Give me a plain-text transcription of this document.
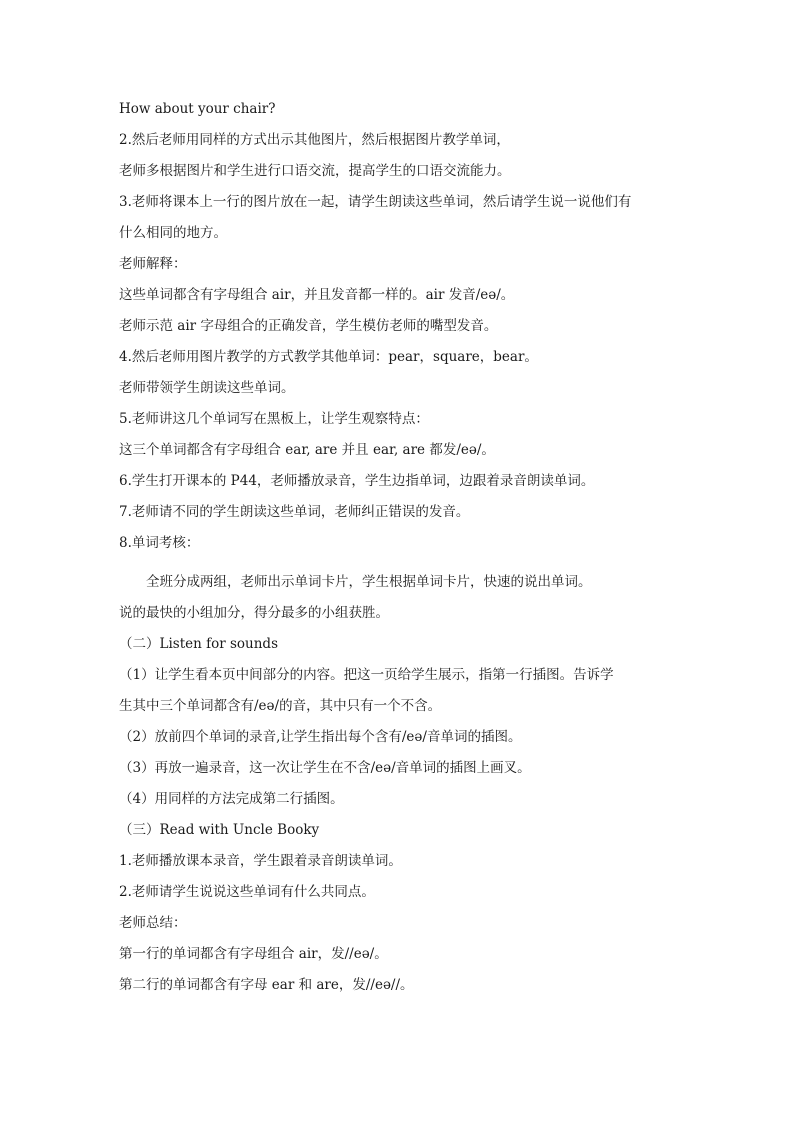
How about your chair?
2.然后老师用同样的方式出示其他图片，然后根据图片教学单词，
老师多根据图片和学生进行口语交流，提高学生的口语交流能力。
3.老师将课本上一行的图片放在一起，请学生朗读这些单词，然后请学生说一说他们有
什么相同的地方。
老师解释：
这些单词都含有字母组合 air，并且发音都一样的。air 发音/eə/。
老师示范 air 字母组合的正确发音，学生模仿老师的嘴型发音。
4.然后老师用图片教学的方式教学其他单词：pear，square，bear。
老师带领学生朗读这些单词。
5.老师讲这几个单词写在黑板上，让学生观察特点：
这三个单词都含有字母组合 ear, are 并且 ear, are 都发/eə/。
6.学生打开课本的 P44，老师播放录音，学生边指单词，边跟着录音朗读单词。
7.老师请不同的学生朗读这些单词，老师纠正错误的发音。
8.单词考核：
全班分成两组，老师出示单词卡片，学生根据单词卡片，快速的说出单词。
说的最快的小组加分，得分最多的小组获胜。
（二）Listen for sounds
（1）让学生看本页中间部分的内容。把这一页给学生展示，指第一行插图。告诉学
生其中三个单词都含有/eə/的音，其中只有一个不含。
（2）放前四个单词的录音,让学生指出每个含有/eə/音单词的插图。
（3）再放一遍录音，这一次让学生在不含/eə/音单词的插图上画叉。
（4）用同样的方法完成第二行插图。
（三）Read with Uncle Booky
1.老师播放课本录音，学生跟着录音朗读单词。
2.老师请学生说说这些单词有什么共同点。
老师总结：
第一行的单词都含有字母组合 air，发//eə/。
第二行的单词都含有字母 ear 和 are，发//eə//。
